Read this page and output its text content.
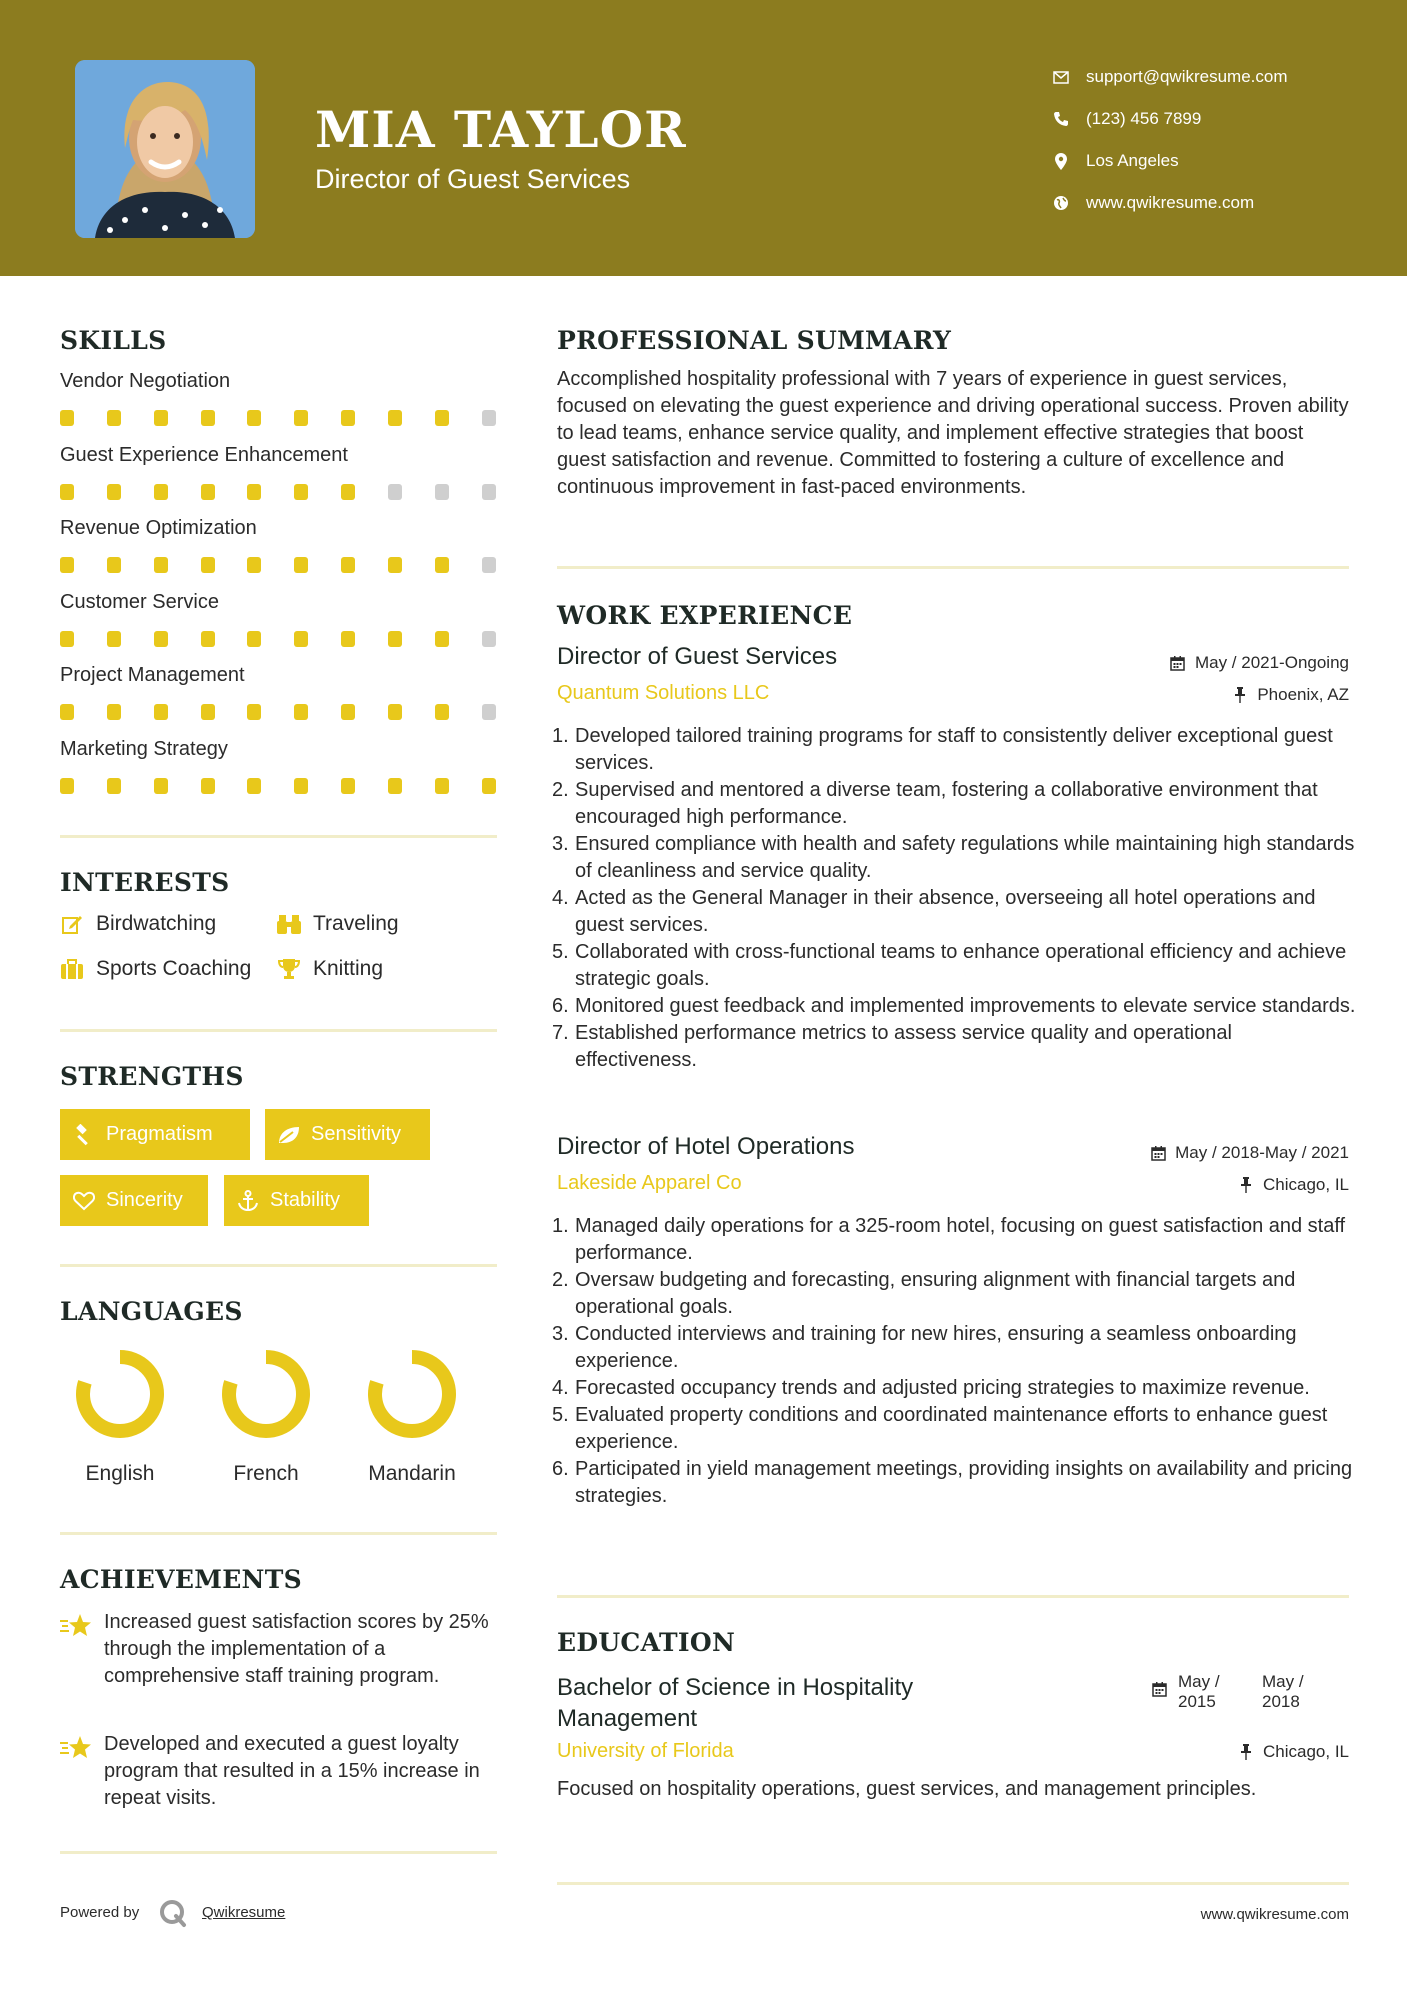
MIA TAYLOR
Director of Guest Services
support@qwikresume.com
(123) 456 7899
Los Angeles
www.qwikresume.com
SKILLS
Vendor Negotiation
Guest Experience Enhancement
Revenue Optimization
Customer Service
Project Management
Marketing Strategy
INTERESTS
Birdwatching	Traveling
Sports Coaching	Knitting
STRENGTHS
Pragmatism	Sensitivity
Sincerity	Stability
LANGUAGES
English	French	Mandarin
ACHIEVEMENTS
Increased guest satisfaction scores by 25% through the implementation of a comprehensive staff training program.
Developed and executed a guest loyalty program that resulted in a 15% increase in repeat visits.
PROFESSIONAL SUMMARY
Accomplished hospitality professional with 7 years of experience in guest services, focused on elevating the guest experience and driving operational success. Proven ability to lead teams, enhance service quality, and implement effective strategies that boost guest satisfaction and revenue. Committed to fostering a culture of excellence and continuous improvement in fast-paced environments.
WORK EXPERIENCE
Director of Guest Services
Quantum Solutions LLC
May / 2021-Ongoing
Phoenix, AZ
1. Developed tailored training programs for staff to consistently deliver exceptional guest services.
2. Supervised and mentored a diverse team, fostering a collaborative environment that encouraged high performance.
3. Ensured compliance with health and safety regulations while maintaining high standards of cleanliness and service quality.
4. Acted as the General Manager in their absence, overseeing all hotel operations and guest services.
5. Collaborated with cross-functional teams to enhance operational efficiency and achieve strategic goals.
6. Monitored guest feedback and implemented improvements to elevate service standards.
7. Established performance metrics to assess service quality and operational effectiveness.
Director of Hotel Operations
Lakeside Apparel Co
May / 2018-May / 2021
Chicago, IL
1. Managed daily operations for a 325-room hotel, focusing on guest satisfaction and staff performance.
2. Oversaw budgeting and forecasting, ensuring alignment with financial targets and operational goals.
3. Conducted interviews and training for new hires, ensuring a seamless onboarding experience.
4. Forecasted occupancy trends and adjusted pricing strategies to maximize revenue.
5. Evaluated property conditions and coordinated maintenance efforts to enhance guest experience.
6. Participated in yield management meetings, providing insights on availability and pricing strategies.
EDUCATION
Bachelor of Science in Hospitality Management
May /
2015
May /
2018
University of Florida	Chicago, IL
Focused on hospitality operations, guest services, and management principles.
Powered by	Qwikresume	www.qwikresume.com
